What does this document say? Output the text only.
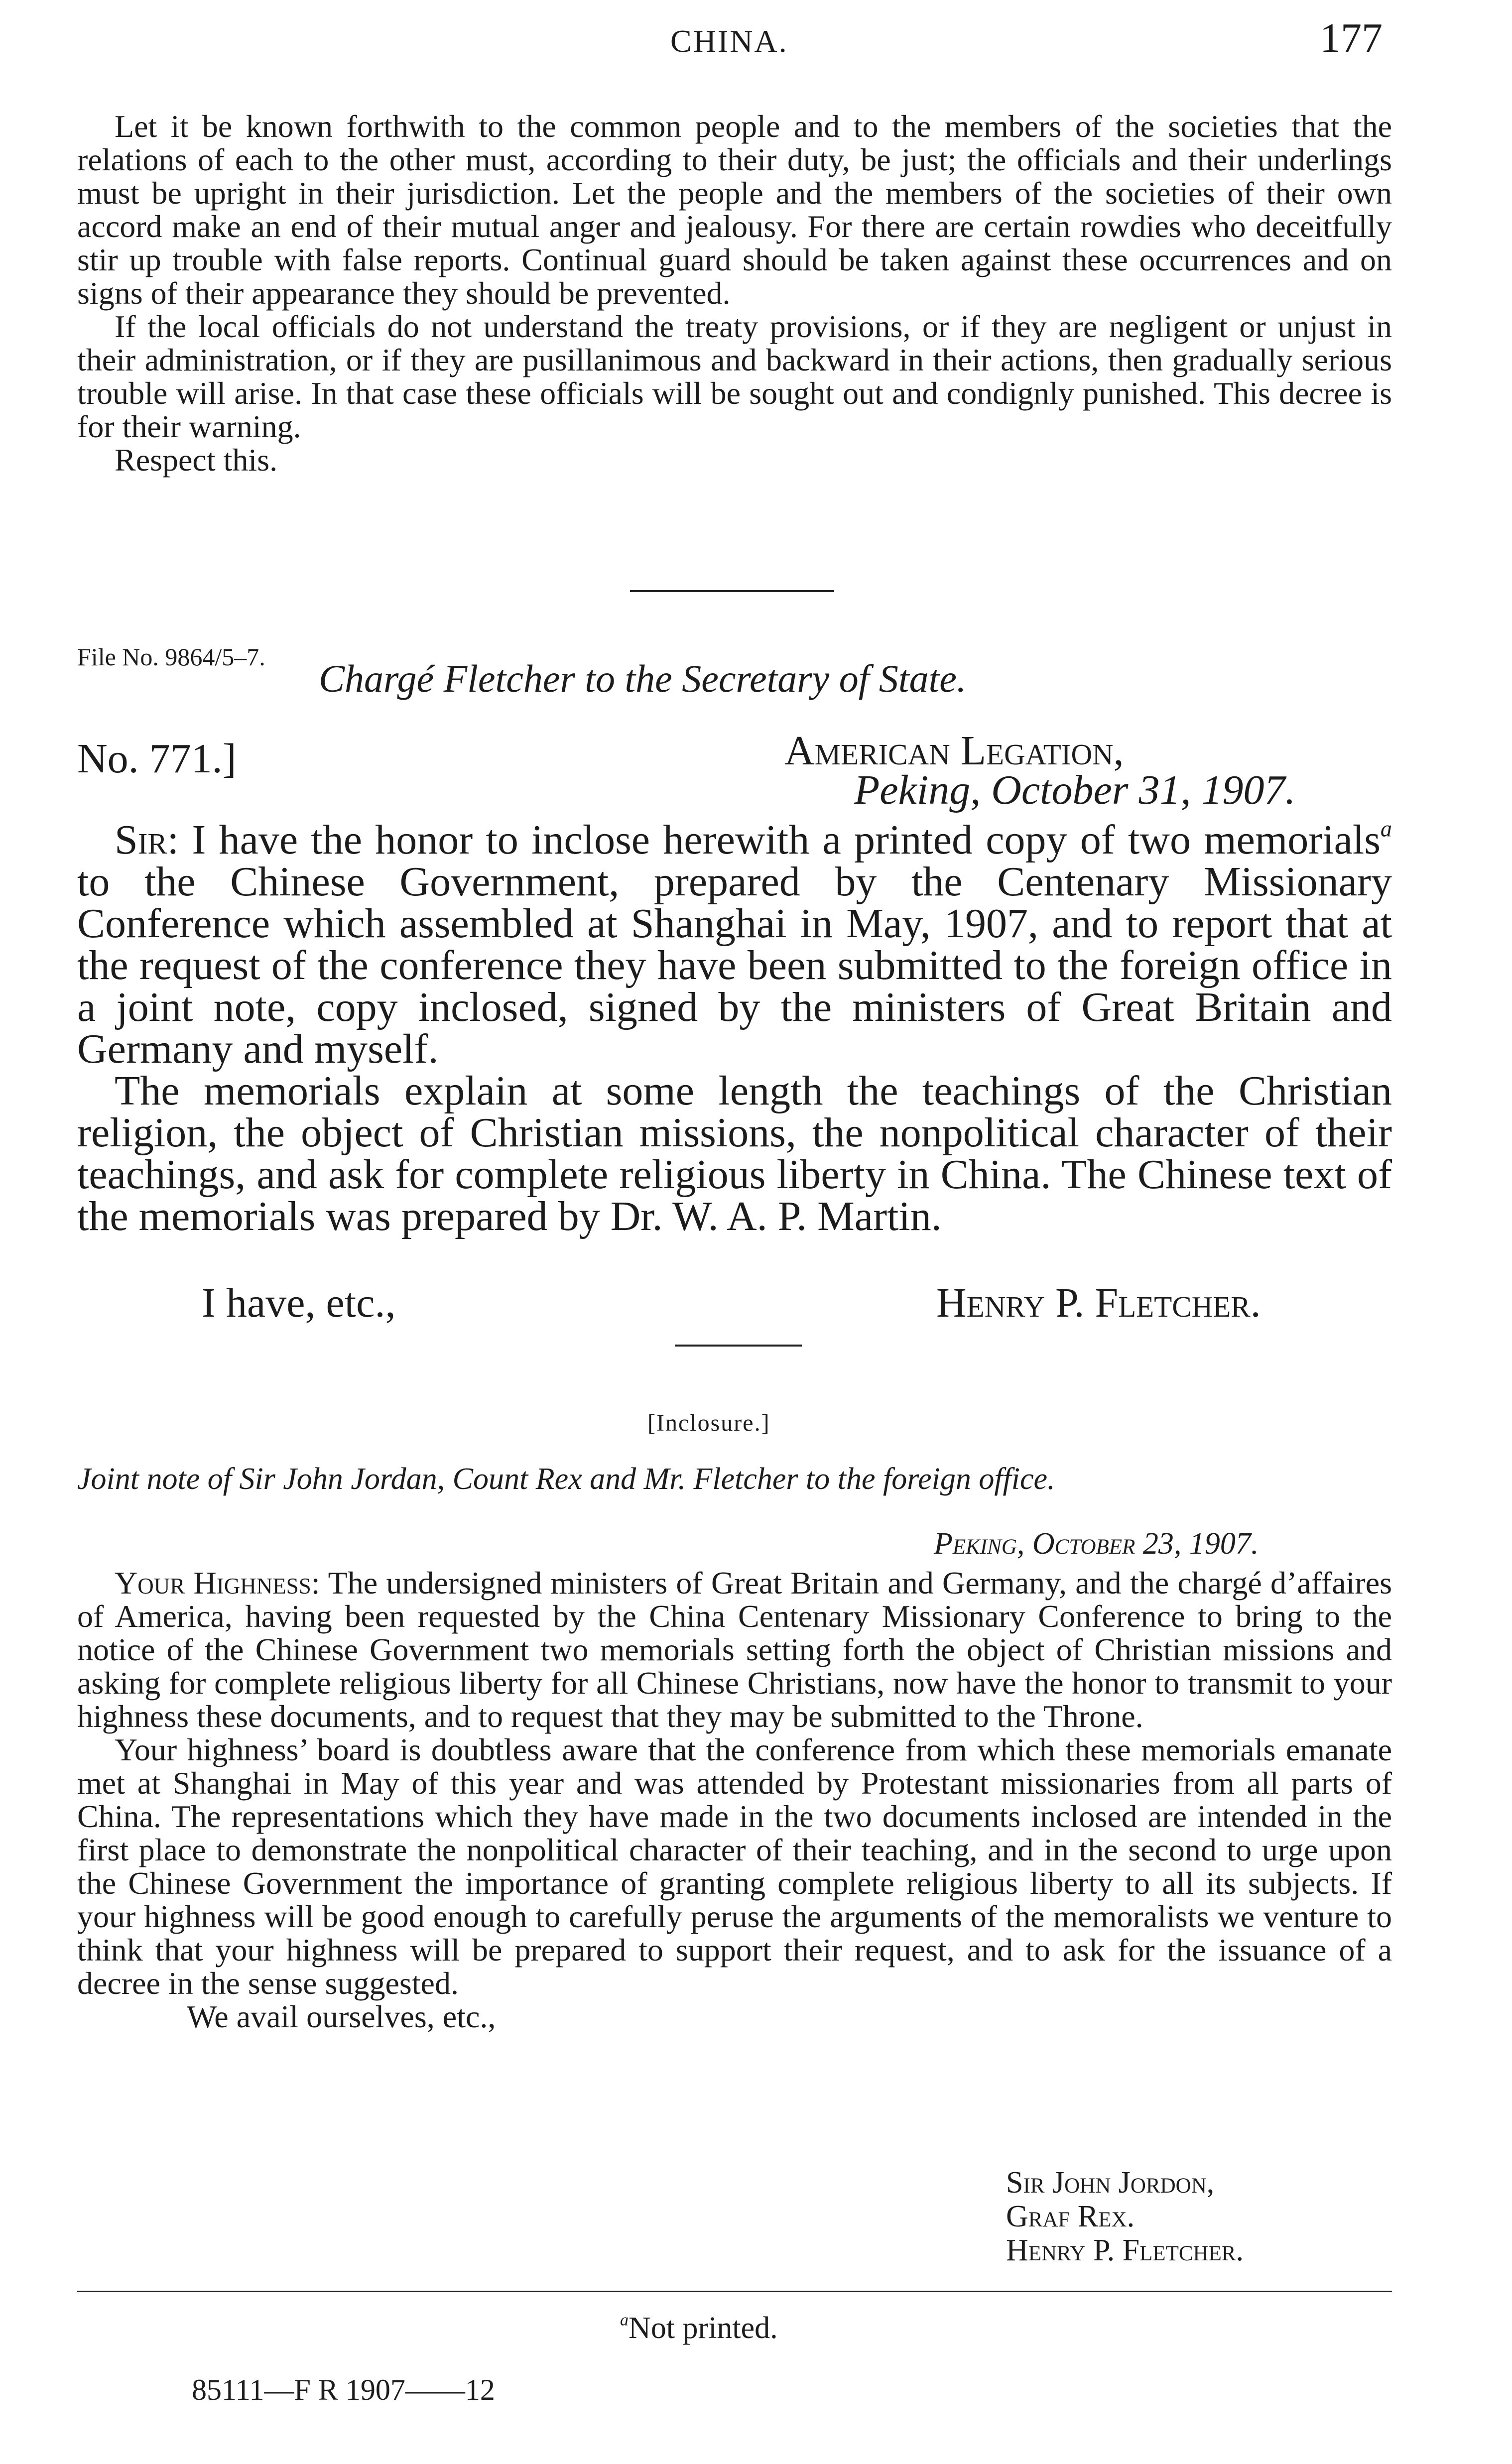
CHINA.	177

Let it be known forthwith to the common people and to the members of the societies that the relations of each to the other must, according to their duty, be just; the officials and their underlings must be upright in their jurisdiction. Let the people and the members of the societies of their own accord make an end of their mutual anger and jealousy. For there are certain rowdies who deceitfully stir up trouble with false reports. Continual guard should be taken against these occurrences and on signs of their appearance they should be prevented.

If the local officials do not understand the treaty provisions, or if they are negligent or unjust in their administration, or if they are pusillanimous and backward in their actions, then gradually serious trouble will arise. In that case these officials will be sought out and condignly punished. This decree is for their warning.

Respect this.

File No. 9864/5–7. Chargé Fletcher to the Secretary of State.
No. 771.]	American Legation,
Peking, October 31, 1907.

Sir: I have the honor to inclose herewith a printed copy of two memorials$^a$ to the Chinese Government, prepared by the Centenary Missionary Conference which assembled at Shanghai in May, 1907, and to report that at the request of the conference they have been submitted to the foreign office in a joint note, copy inclosed, signed by the ministers of Great Britain and Germany and myself.

The memorials explain at some length the teachings of the Christian religion, the object of Christian missions, the nonpolitical character of their teachings, and ask for complete religious liberty in China. The Chinese text of the memorials was prepared by Dr. W. A. P. Martin.

I have, etc.,	Henry P. Fletcher.
[Inclosure.]
Joint note of Sir John Jordan, Count Rex and Mr. Fletcher to the foreign office.
Peking, October 23, 1907.

Your Highness: The undersigned ministers of Great Britain and Germany, and the chargé d’affaires of America, having been requested by the China Centenary Missionary Conference to bring to the notice of the Chinese Government two memorials setting forth the object of Christian missions and asking for complete religious liberty for all Chinese Christians, now have the honor to transmit to your highness these documents, and to request that they may be submitted to the Throne.

Your highness’ board is doubtless aware that the conference from which these memorials emanate met at Shanghai in May of this year and was attended by Protestant missionaries from all parts of China. The representations which they have made in the two documents inclosed are intended in the first place to demonstrate the nonpolitical character of their teaching, and in the second to urge upon the Chinese Government the importance of granting complete religious liberty to all its subjects. If your highness will be good enough to carefully peruse the arguments of the memoralists we venture to think that your highness will be prepared to support their request, and to ask for the issuance of a decree in the sense suggested.

We avail ourselves, etc.,

Sir John Jordon,
Graf Rex.
Henry P. Fletcher.
$^a$Not printed.
85111—F R 1907——12
